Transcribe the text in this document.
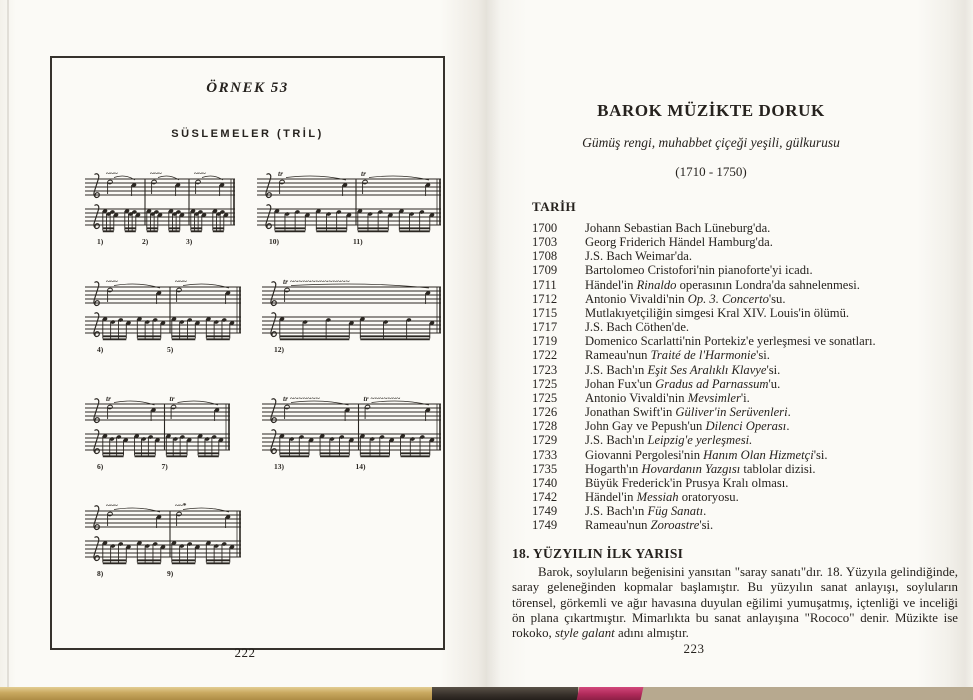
ÖRNEK 53
SÜSLEMELER (TRİL)
~~~
1)
~~~
2)
~~~
3)
tr
10)
tr
11)
~~~
4)
~~~
5)
tr ~~~~~~~~~~~~~~
12)
tr
6)
tr
7)
tr ~~~~~~~
13)
tr ~~~~~~~
14)
~~~
8)
~~*
9)
222
BAROK MÜZİKTE DORUK
Gümüş rengi, muhabbet çiçeği yeşili, gülkurusu
(1710 - 1750)
TARİH
1700	Johann Sebastian Bach Lüneburg'da.
1703	Georg Friderich Händel Hamburg'da.
1708	J.S. Bach Weimar'da.
1709	Bartolomeo Cristofori'nin pianoforte'yi icadı.
1711	Händel'in Rinaldo operasının Londra'da sahnelenmesi.
1712	Antonio Vivaldi'nin Op. 3. Concerto'su.
1715	Mutlakıyetçiliğin simgesi Kral XIV. Louis'in ölümü.
1717	J.S. Bach Cöthen'de.
1719	Domenico Scarlatti'nin Portekiz'e yerleşmesi ve sonatları.
1722	Rameau'nun Traité de l'Harmonie'si.
1723	J.S. Bach'ın Eşit Ses Aralıklı Klavye'si.
1725	Johan Fux'un Gradus ad Parnassum'u.
1725	Antonio Vivaldi'nin Mevsimler'i.
1726	Jonathan Swift'in Güliver'in Serüvenleri.
1728	John Gay ve Pepush'un Dilenci Operası.
1729	J.S. Bach'ın Leipzig'e yerleşmesi.
1733	Giovanni Pergolesi'nin Hanım Olan Hizmetçi'si.
1735	Hogarth'ın Hovardanın Yazgısı tablolar dizisi.
1740	Büyük Frederick'in Prusya Kralı olması.
1742	Händel'in Messiah oratoryosu.
1749	J.S. Bach'ın Füg Sanatı.
1749	Rameau'nun Zoroastre'si.
18. YÜZYILIN İLK YARISI

Barok, soyluların beğenisini yansıtan "saray sanatı"dır. 18. Yüzyıla gelindiğinde, saray geleneğinden kopmalar başlamıştır. Bu yüzyılın sanat anlayışı, soyluların törensel, görkemli ve ağır havasına duyulan eğilimi yumuşatmış, içtenliği ve inceliği ön plana çıkartmıştır. Mimarlıkta bu sanat anlayışına "Rococo" denir. Müzikte ise rokoko, style galant adını almıştır.

223
